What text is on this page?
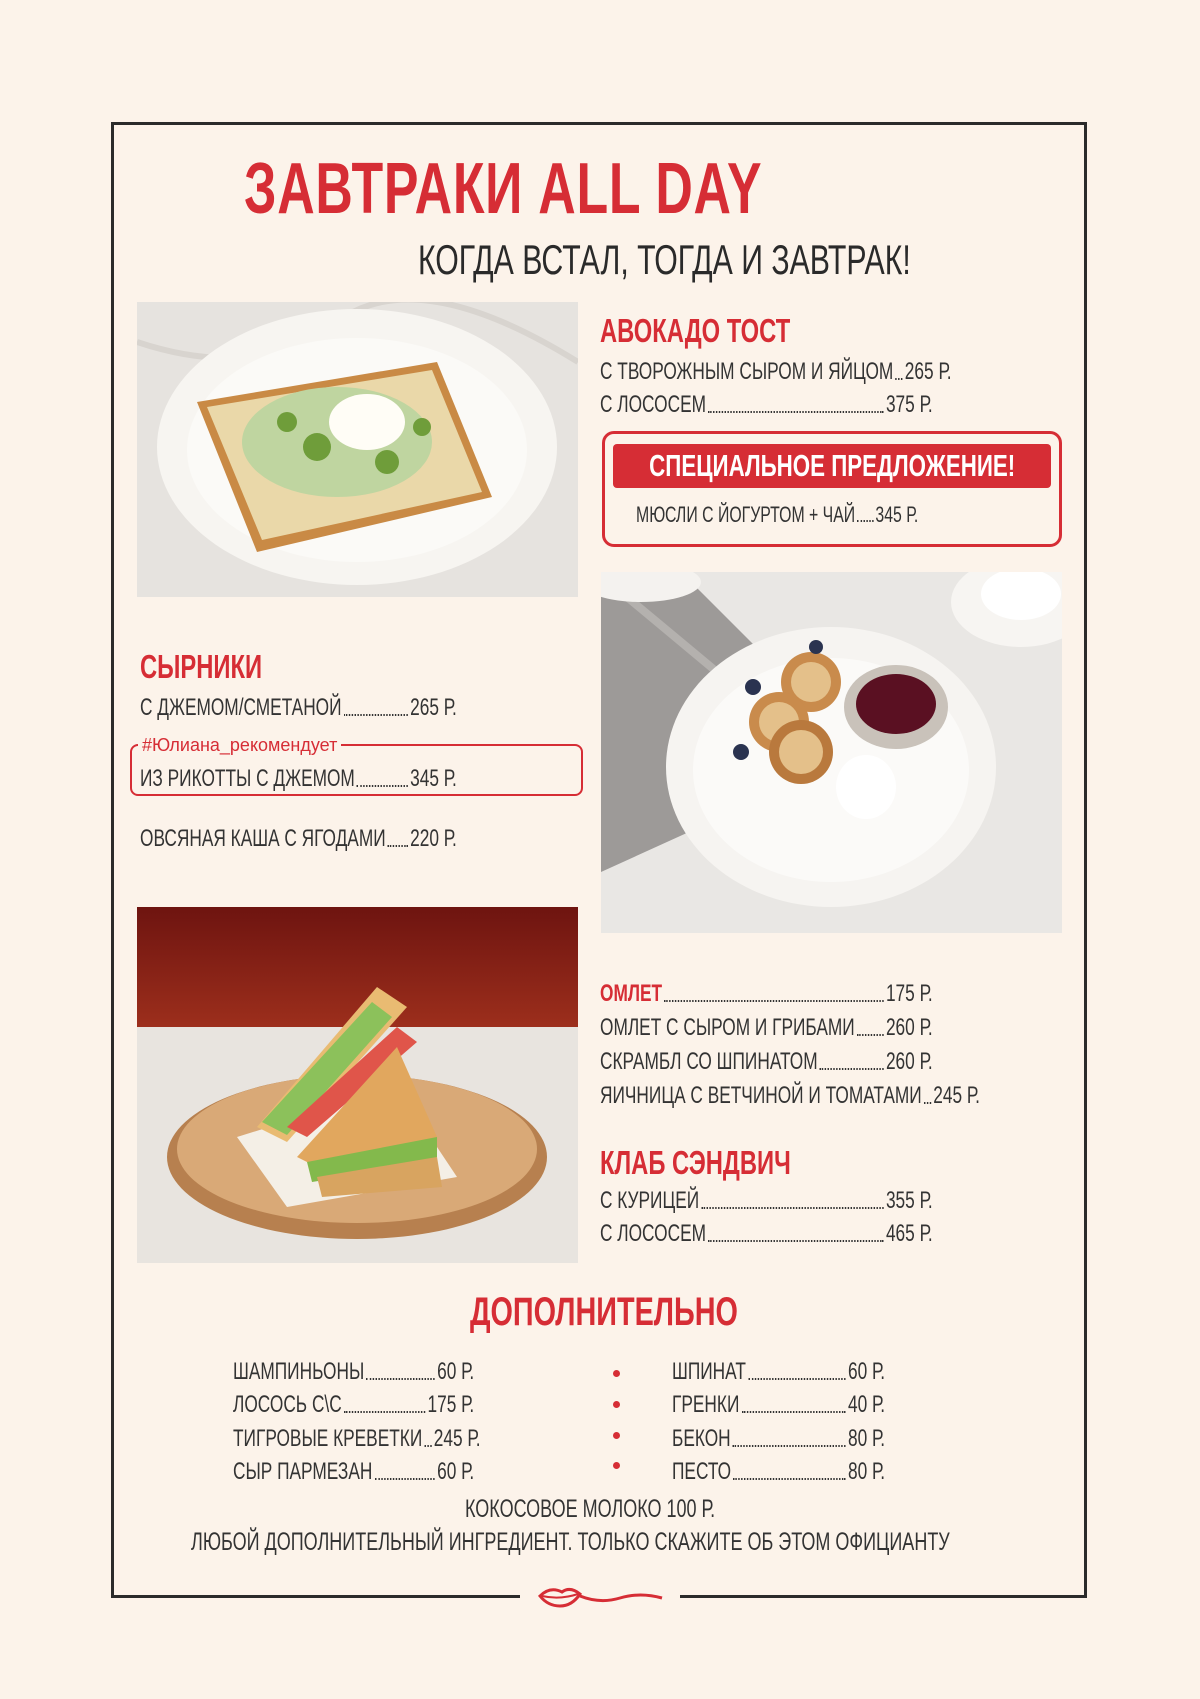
ЗАВТРАКИ ALL DAY
КОГДА ВСТАЛ, ТОГДА И ЗАВТРАК!
АВОКАДО ТОСТ
С ТВОРОЖНЫМ СЫРОМ И ЯЙЦОМ 265 Р.
С ЛОСОСЕМ	375 Р.
СПЕЦИАЛЬНОЕ ПРЕДЛОЖЕНИЕ!
МЮСЛИ С ЙОГУРТОМ + ЧАЙ 345 Р.
СЫРНИКИ
С ДЖЕМОМ/СМЕТАНОЙ	265 Р.
#Юлиана_рекомендует
ИЗ РИКОТТЫ С ДЖЕМОМ 345 Р.
ОВСЯНАЯ КАША С ЯГОДАМИ 220 Р.
ОМЛЕТ	175 Р.
ОМЛЕТ С СЫРОМ И ГРИБАМИ 260 Р.
СКРАМБЛ СО ШПИНАТОМ	260 Р.
ЯИЧНИЦА С ВЕТЧИНОЙ И ТОМАТАМИ 245 Р.
КЛАБ СЭНДВИЧ
С КУРИЦЕЙ	355 Р.
С ЛОСОСЕМ	465 Р.
ДОПОЛНИТЕЛЬНО
ШАМПИНЬОНЫ	60 Р.
ЛОСОСЬ С\С	175 Р.
ТИГРОВЫЕ КРЕВЕТКИ 245 Р.
СЫР ПАРМЕЗАН	60 Р.
ШПИНАТ	60 Р.
ГРЕНКИ	40 Р.
БЕКОН	80 Р.
ПЕСТО	80 Р.
КОКОСОВОЕ МОЛОКО 100 Р.
ЛЮБОЙ ДОПОЛНИТЕЛЬНЫЙ ИНГРЕДИЕНТ. ТОЛЬКО СКАЖИТЕ ОБ ЭТОМ ОФИЦИАНТУ
